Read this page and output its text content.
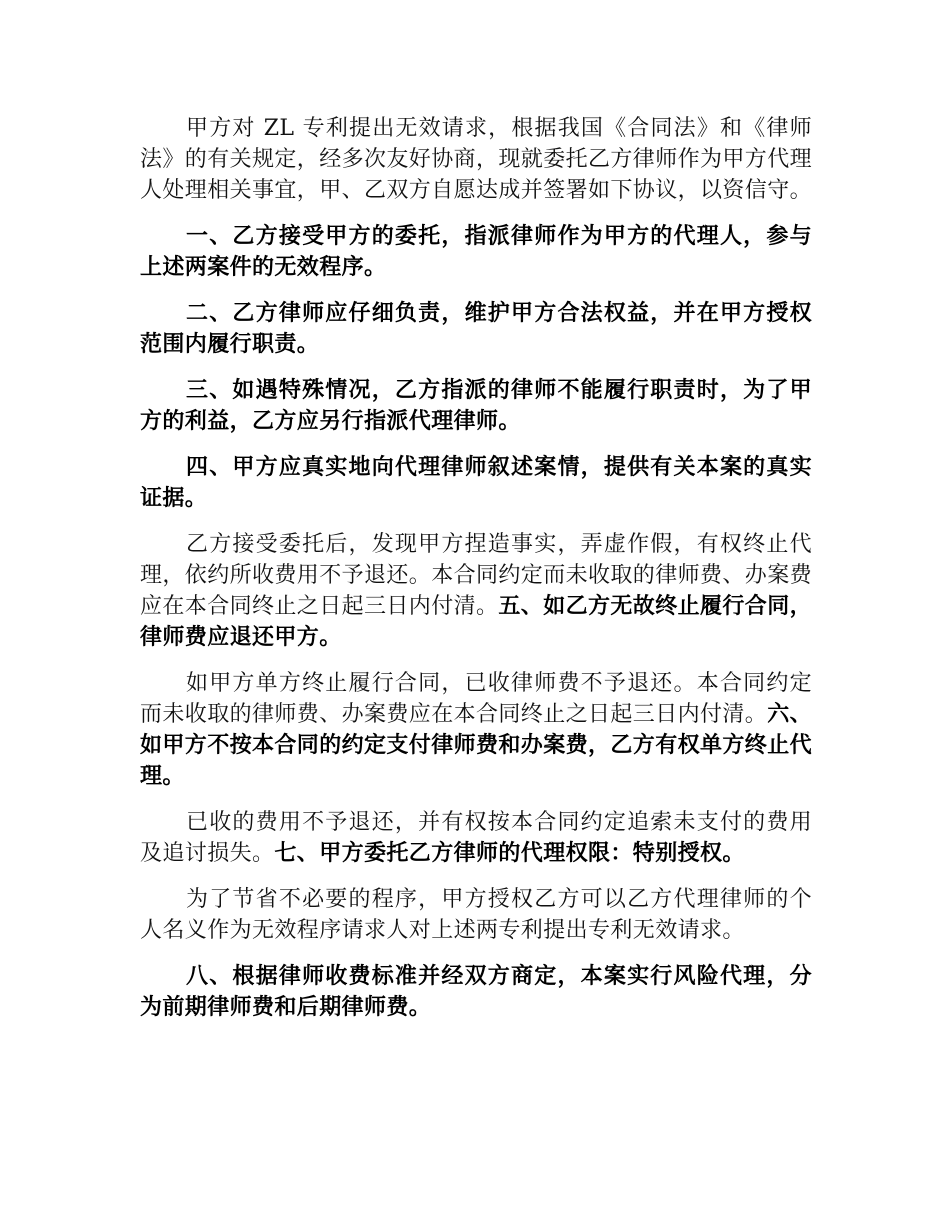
甲方对 ZL 专利提出无效请求，根据我国《合同法》和《律师法》的有关规定，经多次友好协商，现就委托乙方律师作为甲方代理人处理相关事宜，甲、乙双方自愿达成并签署如下协议，以资信守。

一、乙方接受甲方的委托，指派律师作为甲方的代理人，参与上述两案件的无效程序。

二、乙方律师应仔细负责，维护甲方合法权益，并在甲方授权范围内履行职责。

三、如遇特殊情况，乙方指派的律师不能履行职责时，为了甲方的利益，乙方应另行指派代理律师。

四、甲方应真实地向代理律师叙述案情，提供有关本案的真实证据。

乙方接受委托后，发现甲方捏造事实，弄虚作假，有权终止代理，依约所收费用不予退还。本合同约定而未收取的律师费、办案费应在本合同终止之日起三日内付清。五、如乙方无故终止履行合同，律师费应退还甲方。

如甲方单方终止履行合同，已收律师费不予退还。本合同约定而未收取的律师费、办案费应在本合同终止之日起三日内付清。六、如甲方不按本合同的约定支付律师费和办案费，乙方有权单方终止代理。

已收的费用不予退还，并有权按本合同约定追索未支付的费用及追讨损失。七、甲方委托乙方律师的代理权限：特别授权。

为了节省不必要的程序，甲方授权乙方可以乙方代理律师的个人名义作为无效程序请求人对上述两专利提出专利无效请求。

八、根据律师收费标准并经双方商定，本案实行风险代理，分为前期律师费和后期律师费。
